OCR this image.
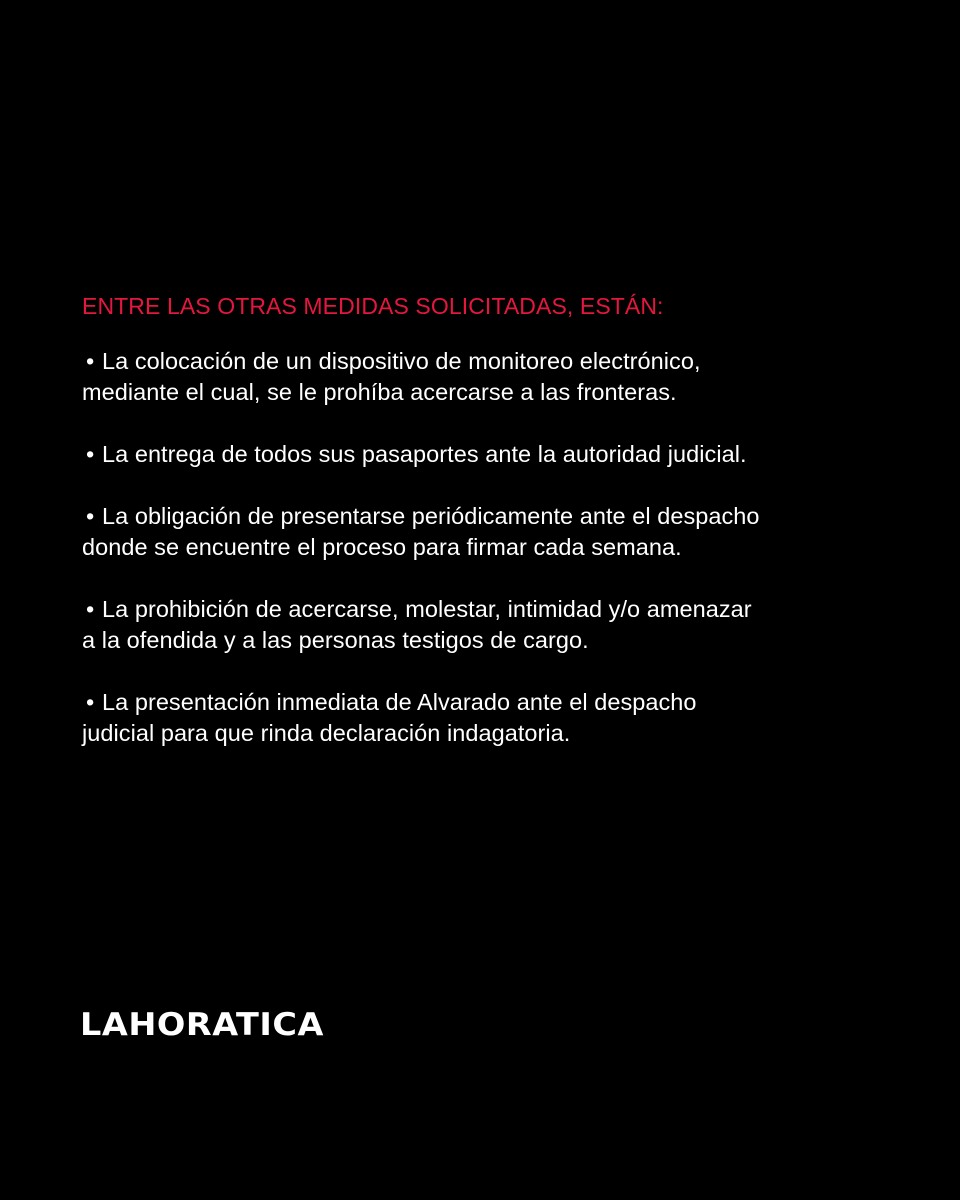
ENTRE LAS OTRAS MEDIDAS SOLICITADAS, ESTÁN:
• La colocación de un dispositivo de monitoreo electrónico,
mediante el cual, se le prohíba acercarse a las fronteras.
• La entrega de todos sus pasaportes ante la autoridad judicial.
• La obligación de presentarse periódicamente ante el despacho
donde se encuentre el proceso para firmar cada semana.
• La prohibición de acercarse, molestar, intimidad y/o amenazar
a la ofendida y a las personas testigos de cargo.
• La presentación inmediata de Alvarado ante el despacho
judicial para que rinda declaración indagatoria.
LAHORATICA
